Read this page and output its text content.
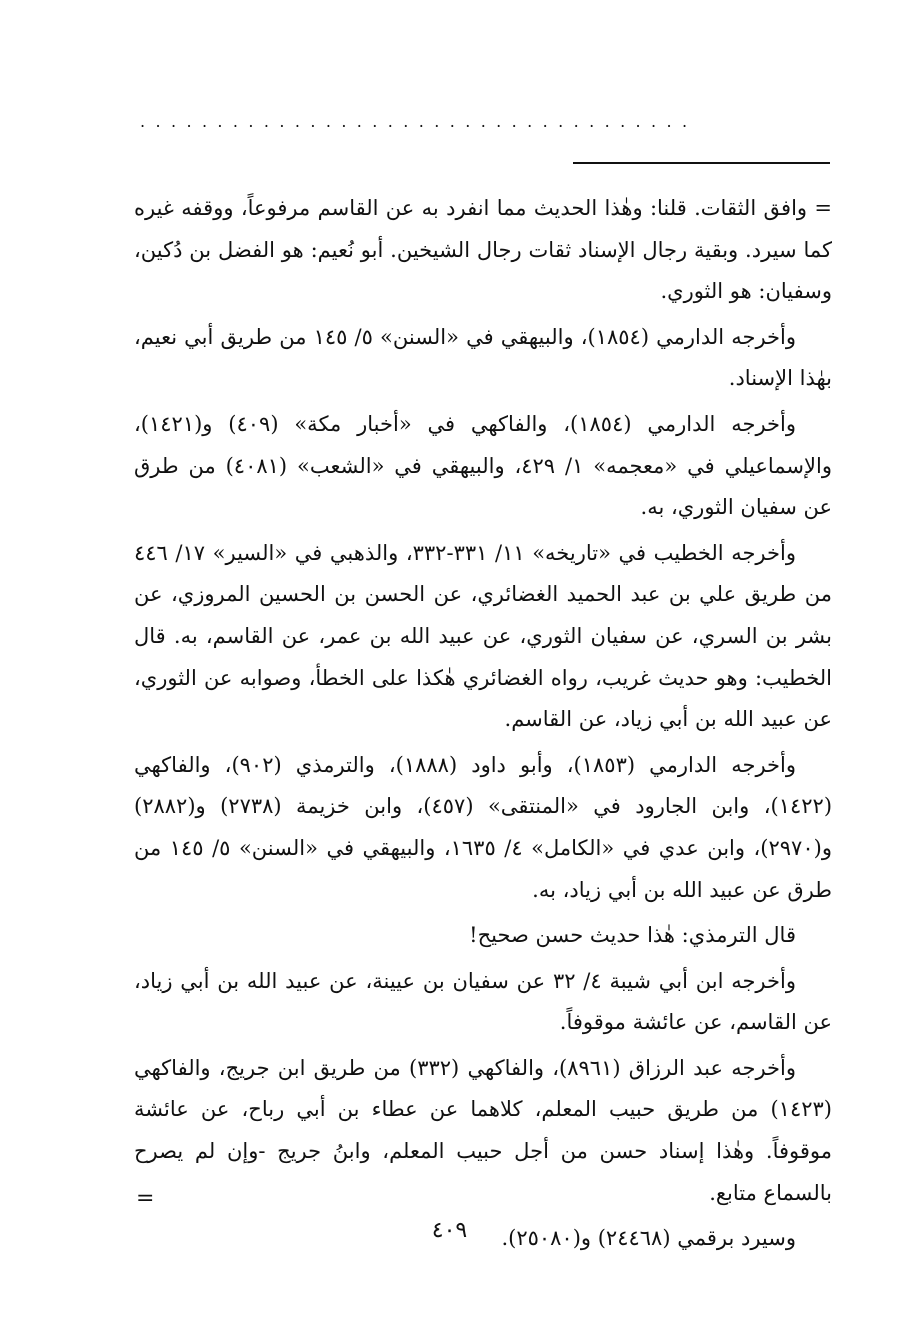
....................................

= وافق الثقات. قلنا: وهٰذا الحديث مما انفرد به عن القاسم مرفوعاً، ووقفه غيره كما سيرد. وبقية رجال الإسناد ثقات رجال الشيخين. أبو نُعيم: هو الفضل بن دُكين، وسفيان: هو الثوري.

وأخرجه الدارمي (١٨٥٤)، والبيهقي في «السنن» ٥/ ١٤٥ من طريق أبي نعيم، بهٰذا الإسناد.

وأخرجه الدارمي (١٨٥٤)، والفاكهي في «أخبار مكة» (٤٠٩) و(١٤٢١)، والإسماعيلي في «معجمه» ١/ ٤٢٩، والبيهقي في «الشعب» (٤٠٨١) من طرق عن سفيان الثوري، به.

وأخرجه الخطيب في «تاريخه» ١١/ ٣٣١-٣٣٢، والذهبي في «السير» ١٧/ ٤٤٦ من طريق علي بن عبد الحميد الغضائري، عن الحسن بن الحسين المروزي، عن بشر بن السري، عن سفيان الثوري، عن عبيد الله بن عمر، عن القاسم، به. قال الخطيب: وهو حديث غريب، رواه الغضائري هٰكذا على الخطأ، وصوابه عن الثوري، عن عبيد الله بن أبي زياد، عن القاسم.

وأخرجه الدارمي (١٨٥٣)، وأبو داود (١٨٨٨)، والترمذي (٩٠٢)، والفاكهي (١٤٢٢)، وابن الجارود في «المنتقى» (٤٥٧)، وابن خزيمة (٢٧٣٨) و(٢٨٨٢) و(٢٩٧٠)، وابن عدي في «الكامل» ٤/ ١٦٣٥، والبيهقي في «السنن» ٥/ ١٤٥ من طرق عن عبيد الله بن أبي زياد، به.

قال الترمذي: هٰذا حديث حسن صحيح!

وأخرجه ابن أبي شيبة ٤/ ٣٢ عن سفيان بن عيينة، عن عبيد الله بن أبي زياد، عن القاسم، عن عائشة موقوفاً.

وأخرجه عبد الرزاق (٨٩٦١)، والفاكهي (٣٣٢) من طريق ابن جريج، والفاكهي (١٤٢٣) من طريق حبيب المعلم، كلاهما عن عطاء بن أبي رباح، عن عائشة موقوفاً. وهٰذا إسناد حسن من أجل حبيب المعلم، وابنُ جريج -وإن لم يصرح بالسماع متابع.

وسيرد برقمي (٢٤٤٦٨) و(٢٥٠٨٠).

=
٤٠٩
